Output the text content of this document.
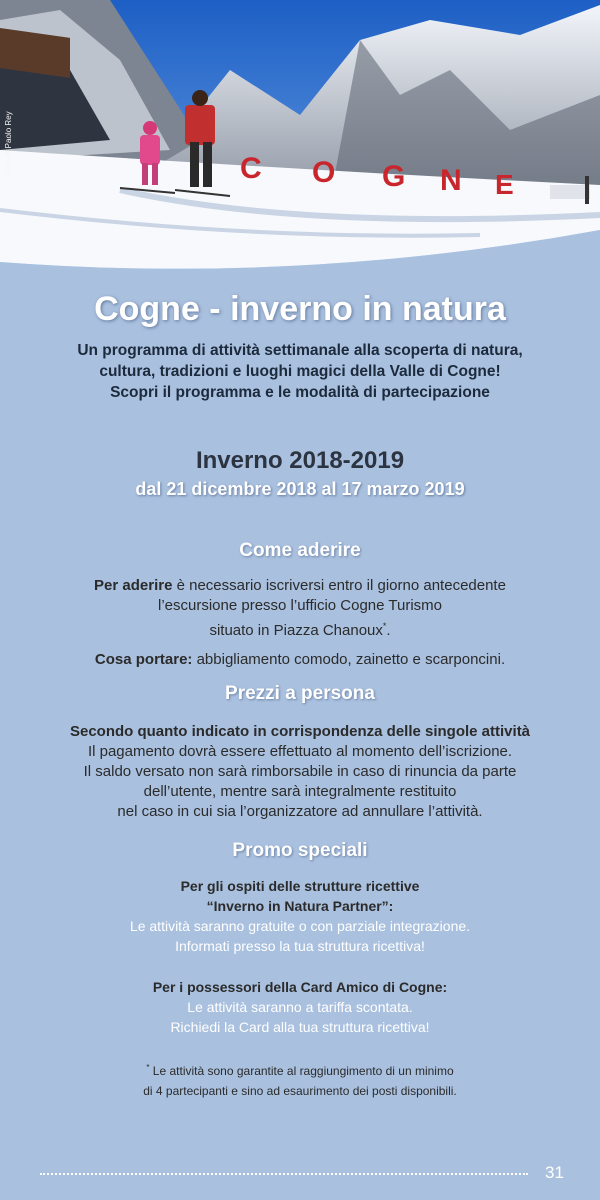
C O G N E
Foto di Paolo Rey
Cogne - inverno in natura
Un programma di attività settimanale alla scoperta di natura,
cultura, tradizioni e luoghi magici della Valle di Cogne!
Scopri il programma e le modalità di partecipazione
Inverno 2018-2019
dal 21 dicembre 2018 al 17 marzo 2019
Come aderire
Per aderire è necessario iscriversi entro il giorno antecedente
l’escursione presso l’ufficio Cogne Turismo
situato in Piazza Chanoux*.
Cosa portare: abbigliamento comodo, zainetto e scarponcini.
Prezzi a persona
Secondo quanto indicato in corrispondenza delle singole attività
Il pagamento dovrà essere effettuato al momento dell’iscrizione.
Il saldo versato non sarà rimborsabile in caso di rinuncia da parte
dell’utente, mentre sarà integralmente restituito
nel caso in cui sia l’organizzatore ad annullare l’attività.
Promo speciali
Per gli ospiti delle strutture ricettive
“Inverno in Natura Partner”:
Le attività saranno gratuite o con parziale integrazione.
Informati presso la tua struttura ricettiva!
Per i possessori della Card Amico di Cogne:
Le attività saranno a tariffa scontata.
Richiedi la Card alla tua struttura ricettiva!
* Le attività sono garantite al raggiungimento di un minimo
di 4 partecipanti e sino ad esaurimento dei posti disponibili.
31
